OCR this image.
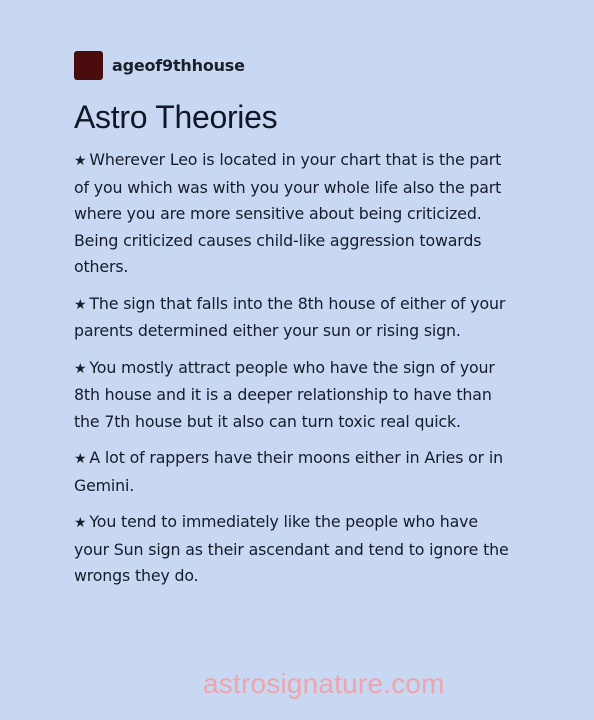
ageof9thhouse
Astro Theories
★ Wherever Leo is located in your chart that is the part of you which was with you your whole life also the part where you are more sensitive about being criticized. Being criticized causes child-like aggression towards others.
★ The sign that falls into the 8th house of either of your parents determined either your sun or rising sign.
★ You mostly attract people who have the sign of your 8th house and it is a deeper relationship to have than the 7th house but it also can turn toxic real quick.
★ A lot of rappers have their moons either in Aries or in Gemini.
★ You tend to immediately like the people who have your Sun sign as their ascendant and tend to ignore the wrongs they do.
astrosignature.com
